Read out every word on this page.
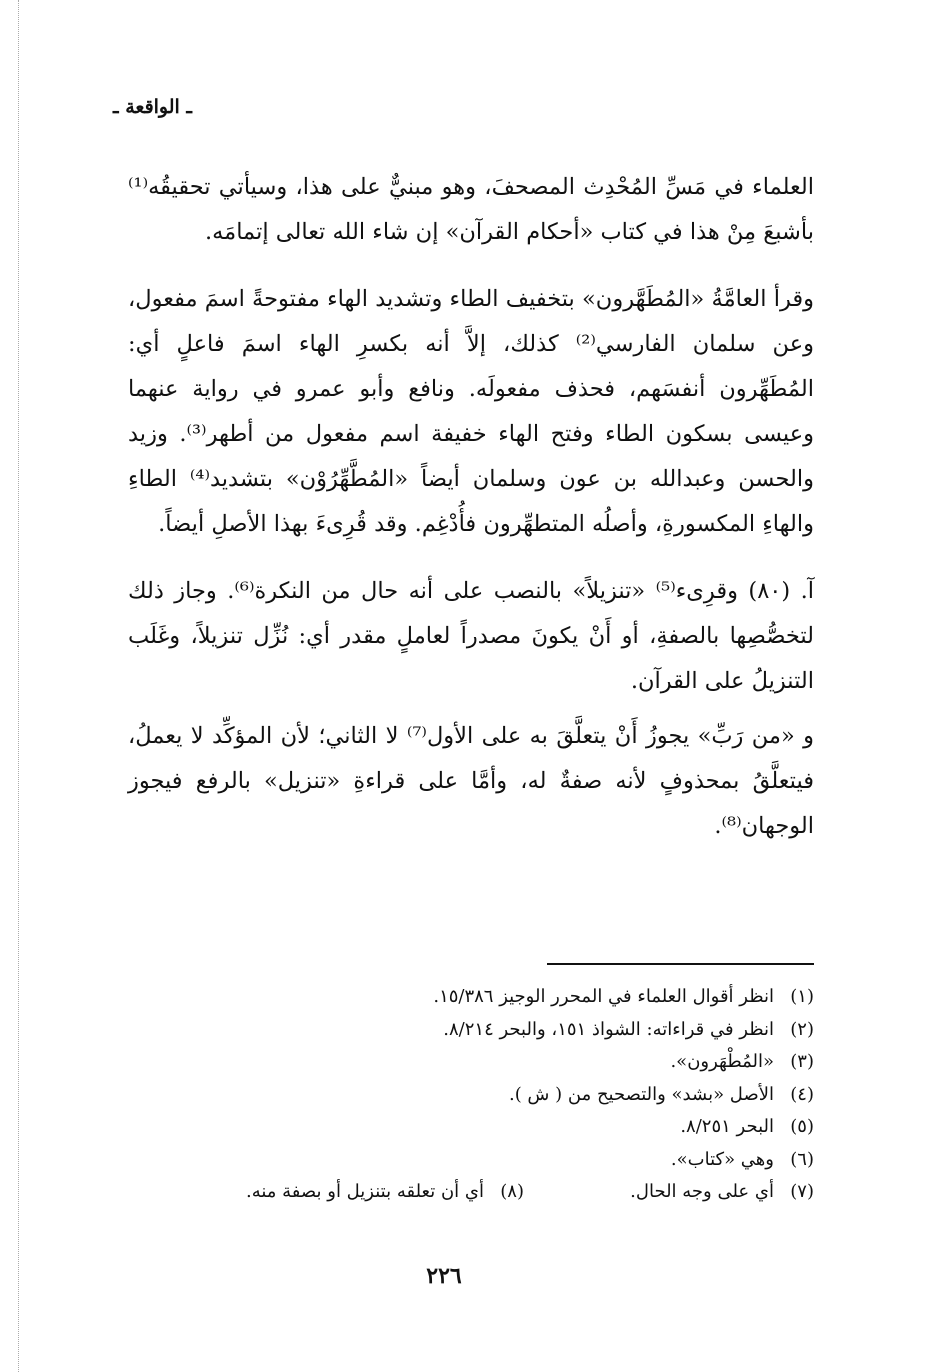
ـ الواقعة ـ

العلماء في مَسِّ المُحْدِث المصحفَ، وهو مبنيٌّ على هذا، وسيأتي تحقيقُه⁽¹⁾ بأشبعَ مِنْ هذا في كتاب «أحكام القرآن» إن شاء الله تعالى إتمامَه.

وقرأ العامَّةُ «المُطَهَّرون» بتخفيف الطاء وتشديد الهاء مفتوحةً اسمَ مفعول، وعن سلمان الفارسي⁽²⁾ كذلك، إلاَّ أنه بكسرِ الهاء اسمَ فاعلٍ أي: المُطَهِّرون أنفسَهم، فحذف مفعولَه. ونافع وأبو عمرو في رواية عنهما وعيسى بسكون الطاء وفتح الهاء خفيفة اسم مفعول من أطهر⁽³⁾. وزيد والحسن وعبدالله بن عون وسلمان أيضاً «المُطَّهِّرُوْن» بتشديد⁽⁴⁾ الطاءِ والهاءِ المكسورةِ، وأصلُه المتطهِّرون فأُدْغِم. وقد قُرِىءَ بهذا الأصلِ أيضاً.

آ. (٨٠) وقرِىء⁽⁵⁾ «تنزيلاً» بالنصب على أنه حال من النكرة⁽⁶⁾. وجاز ذلك لتخصُّصِها بالصفةِ، أو أَنْ يكونَ مصدراً لعاملٍ مقدر أي: نُزِّل تنزيلاً، وغَلَب التنزيلُ على القرآن.

و «من رَبِّ» يجوزُ أَنْ يتعلَّقَ به على الأول⁽⁷⁾ لا الثاني؛ لأن المؤكِّد لا يعملُ، فيتعلَّقُ بمحذوفٍ لأنه صفةٌ له، وأمَّا على قراءةِ «تنزيل» بالرفع فيجوز الوجهان⁽⁸⁾.

(١)انظر أقوال العلماء في المحرر الوجيز ١٥/٣٨٦.
(٢)انظر في قراءاته: الشواذ ١٥١، والبحر ٨/٢١٤.
(٣)«المُطْهَرون».
(٤)الأصل «بشد» والتصحيح من ( ش ).
(٥)البحر ٨/٢٥١.
(٦)وهي «كتاب».
(٧)أي على وجه الحال.
(٨)أي أن تعلقه بتنزيل أو بصفة منه.
٢٢٦
